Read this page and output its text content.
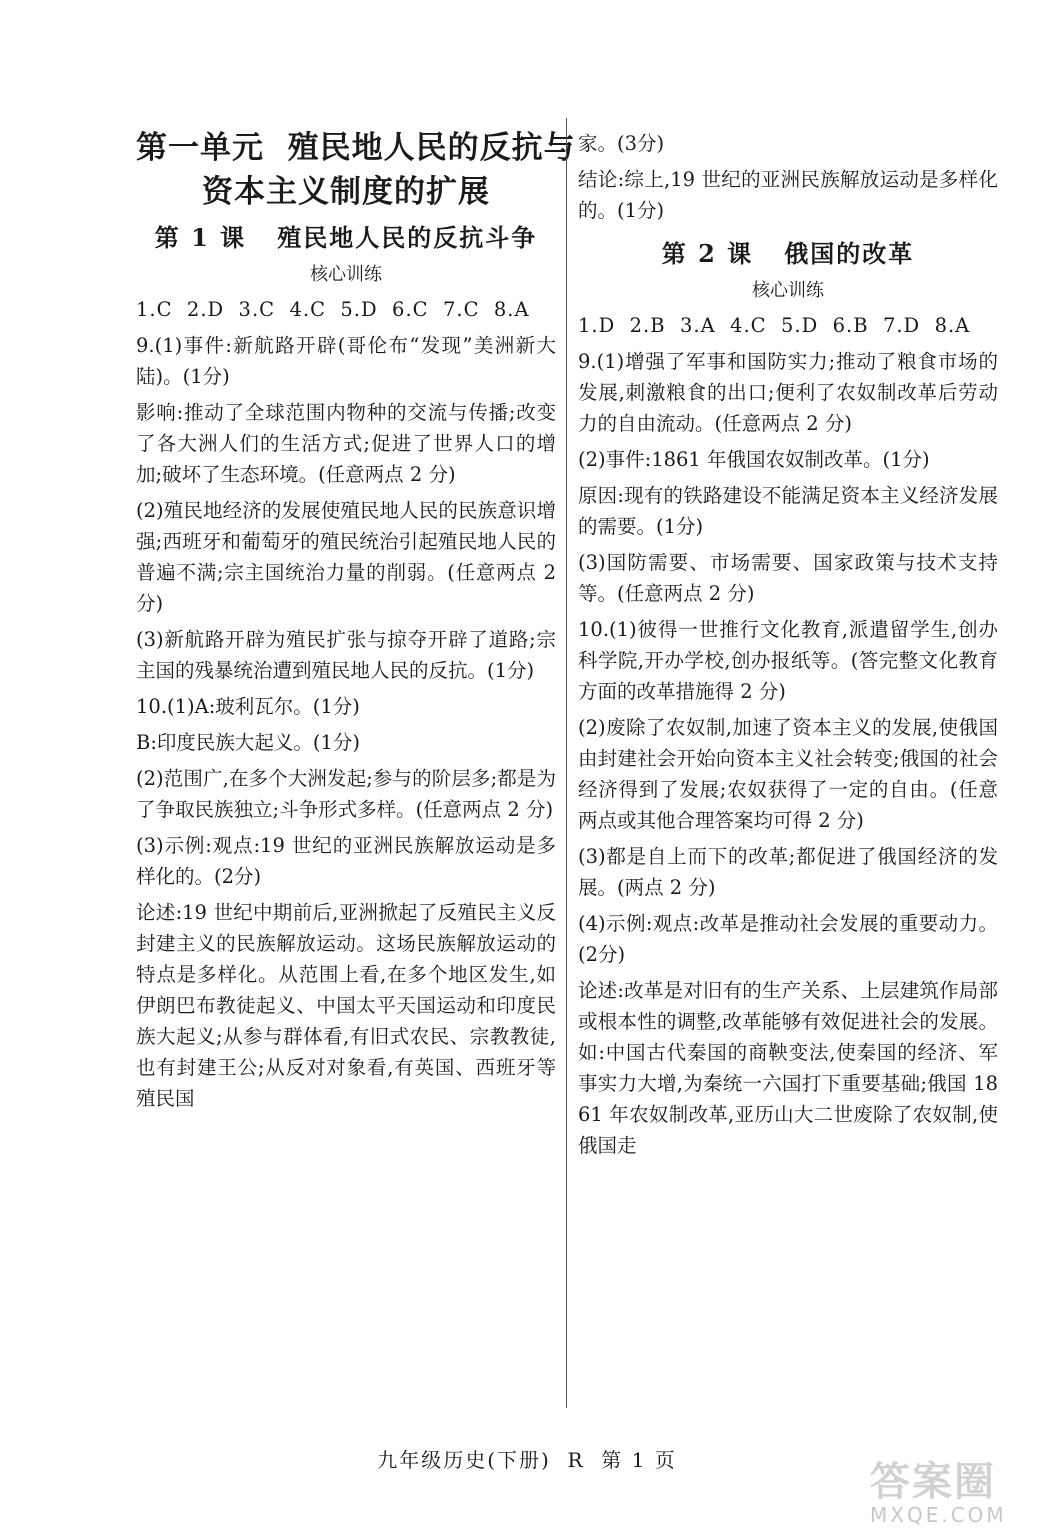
第一单元  殖民地人民的反抗与
资本主义制度的扩展
第 1 课   殖民地人民的反抗斗争
核心训练

1.C  2.D  3.C  4.C  5.D  6.C  7.C  8.A

9.(1)事件:新航路开辟(哥伦布“发现”美洲新大陆)。(1分)

影响:推动了全球范围内物种的交流与传播;改变了各大洲人们的生活方式;促进了世界人口的增加;破坏了生态环境。(任意两点 2 分)

(2)殖民地经济的发展使殖民地人民的民族意识增强;西班牙和葡萄牙的殖民统治引起殖民地人民的普遍不满;宗主国统治力量的削弱。(任意两点 2 分)

(3)新航路开辟为殖民扩张与掠夺开辟了道路;宗主国的残暴统治遭到殖民地人民的反抗。(1分)

10.(1)A:玻利瓦尔。(1分)

B:印度民族大起义。(1分)

(2)范围广,在多个大洲发起;参与的阶层多;都是为了争取民族独立;斗争形式多样。(任意两点 2 分)

(3)示例:观点:19 世纪的亚洲民族解放运动是多样化的。(2分)

论述:19 世纪中期前后,亚洲掀起了反殖民主义反封建主义的民族解放运动。这场民族解放运动的特点是多样化。从范围上看,在多个地区发生,如伊朗巴布教徒起义、中国太平天国运动和印度民族大起义;从参与群体看,有旧式农民、宗教教徒,也有封建王公;从反对对象看,有英国、西班牙等殖民国

家。(3分)

结论:综上,19 世纪的亚洲民族解放运动是多样化的。(1分)

第 2 课   俄国的改革
核心训练

1.D  2.B  3.A  4.C  5.D  6.B  7.D  8.A

9.(1)增强了军事和国防实力;推动了粮食市场的发展,刺激粮食的出口;便利了农奴制改革后劳动力的自由流动。(任意两点 2 分)

(2)事件:1861 年俄国农奴制改革。(1分)

原因:现有的铁路建设不能满足资本主义经济发展的需要。(1分)

(3)国防需要、市场需要、国家政策与技术支持等。(任意两点 2 分)

10.(1)彼得一世推行文化教育,派遣留学生,创办科学院,开办学校,创办报纸等。(答完整文化教育方面的改革措施得 2 分)

(2)废除了农奴制,加速了资本主义的发展,使俄国由封建社会开始向资本主义社会转变;俄国的社会经济得到了发展;农奴获得了一定的自由。(任意两点或其他合理答案均可得 2 分)

(3)都是自上而下的改革;都促进了俄国经济的发展。(两点 2 分)

(4)示例:观点:改革是推动社会发展的重要动力。(2分)

论述:改革是对旧有的生产关系、上层建筑作局部或根本性的调整,改革能够有效促进社会的发展。如:中国古代秦国的商鞅变法,使秦国的经济、军事实力大增,为秦统一六国打下重要基础;俄国 1861 年农奴制改革,亚历山大二世废除了农奴制,使俄国走

九年级历史(下册)  R  第 1 页	答案圈
MXQE.COM
